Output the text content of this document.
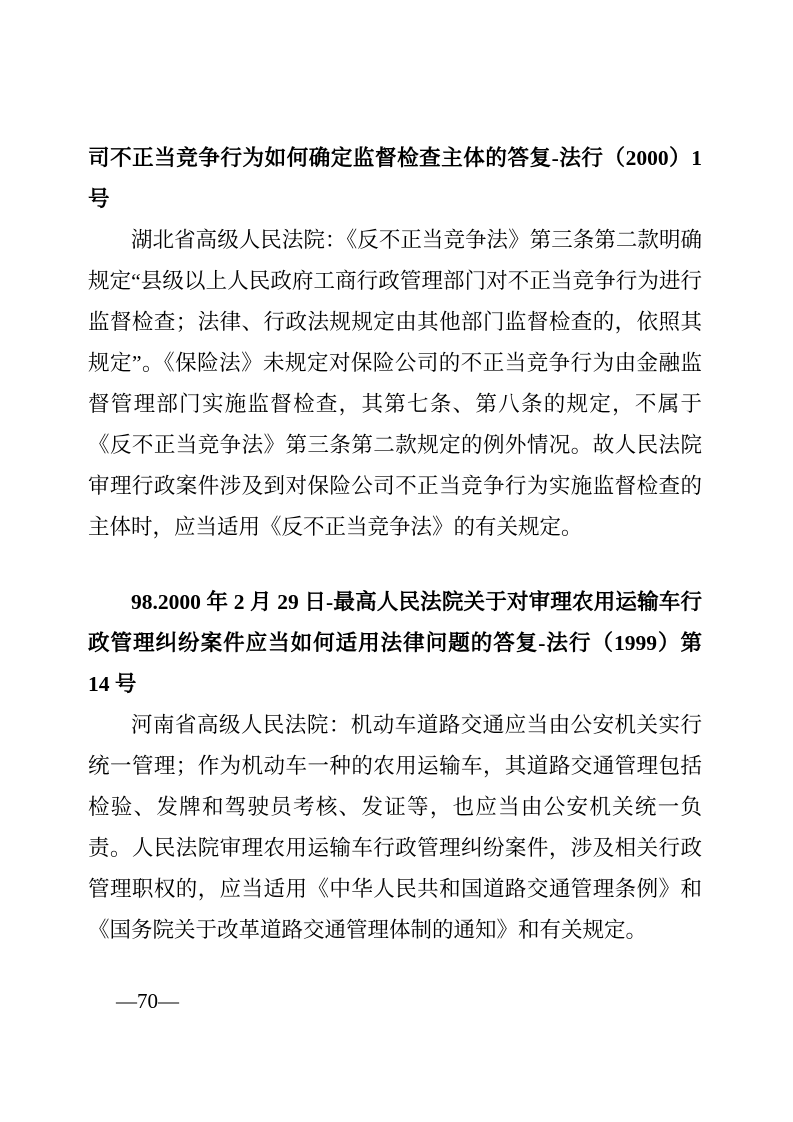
司不正当竞争行为如何确定监督检查主体的答复-法行（2000）1 号

湖北省高级人民法院：《反不正当竞争法》第三条第二款明确规定“县级以上人民政府工商行政管理部门对不正当竞争行为进行监督检查；法律、行政法规规定由其他部门监督检查的，依照其规定”。《保险法》未规定对保险公司的不正当竞争行为由金融监督管理部门实施监督检查，其第七条、第八条的规定，不属于《反不正当竞争法》第三条第二款规定的例外情况。故人民法院审理行政案件涉及到对保险公司不正当竞争行为实施监督检查的主体时，应当适用《反不正当竞争法》的有关规定。

98.2000 年 2 月 29 日-最高人民法院关于对审理农用运输车行政管理纠纷案件应当如何适用法律问题的答复-法行（1999）第 14 号

河南省高级人民法院：机动车道路交通应当由公安机关实行统一管理；作为机动车一种的农用运输车，其道路交通管理包括检验、发牌和驾驶员考核、发证等，也应当由公安机关统一负责。人民法院审理农用运输车行政管理纠纷案件，涉及相关行政管理职权的，应当适用《中华人民共和国道路交通管理条例》和《国务院关于改革道路交通管理体制的通知》和有关规定。

—70—
